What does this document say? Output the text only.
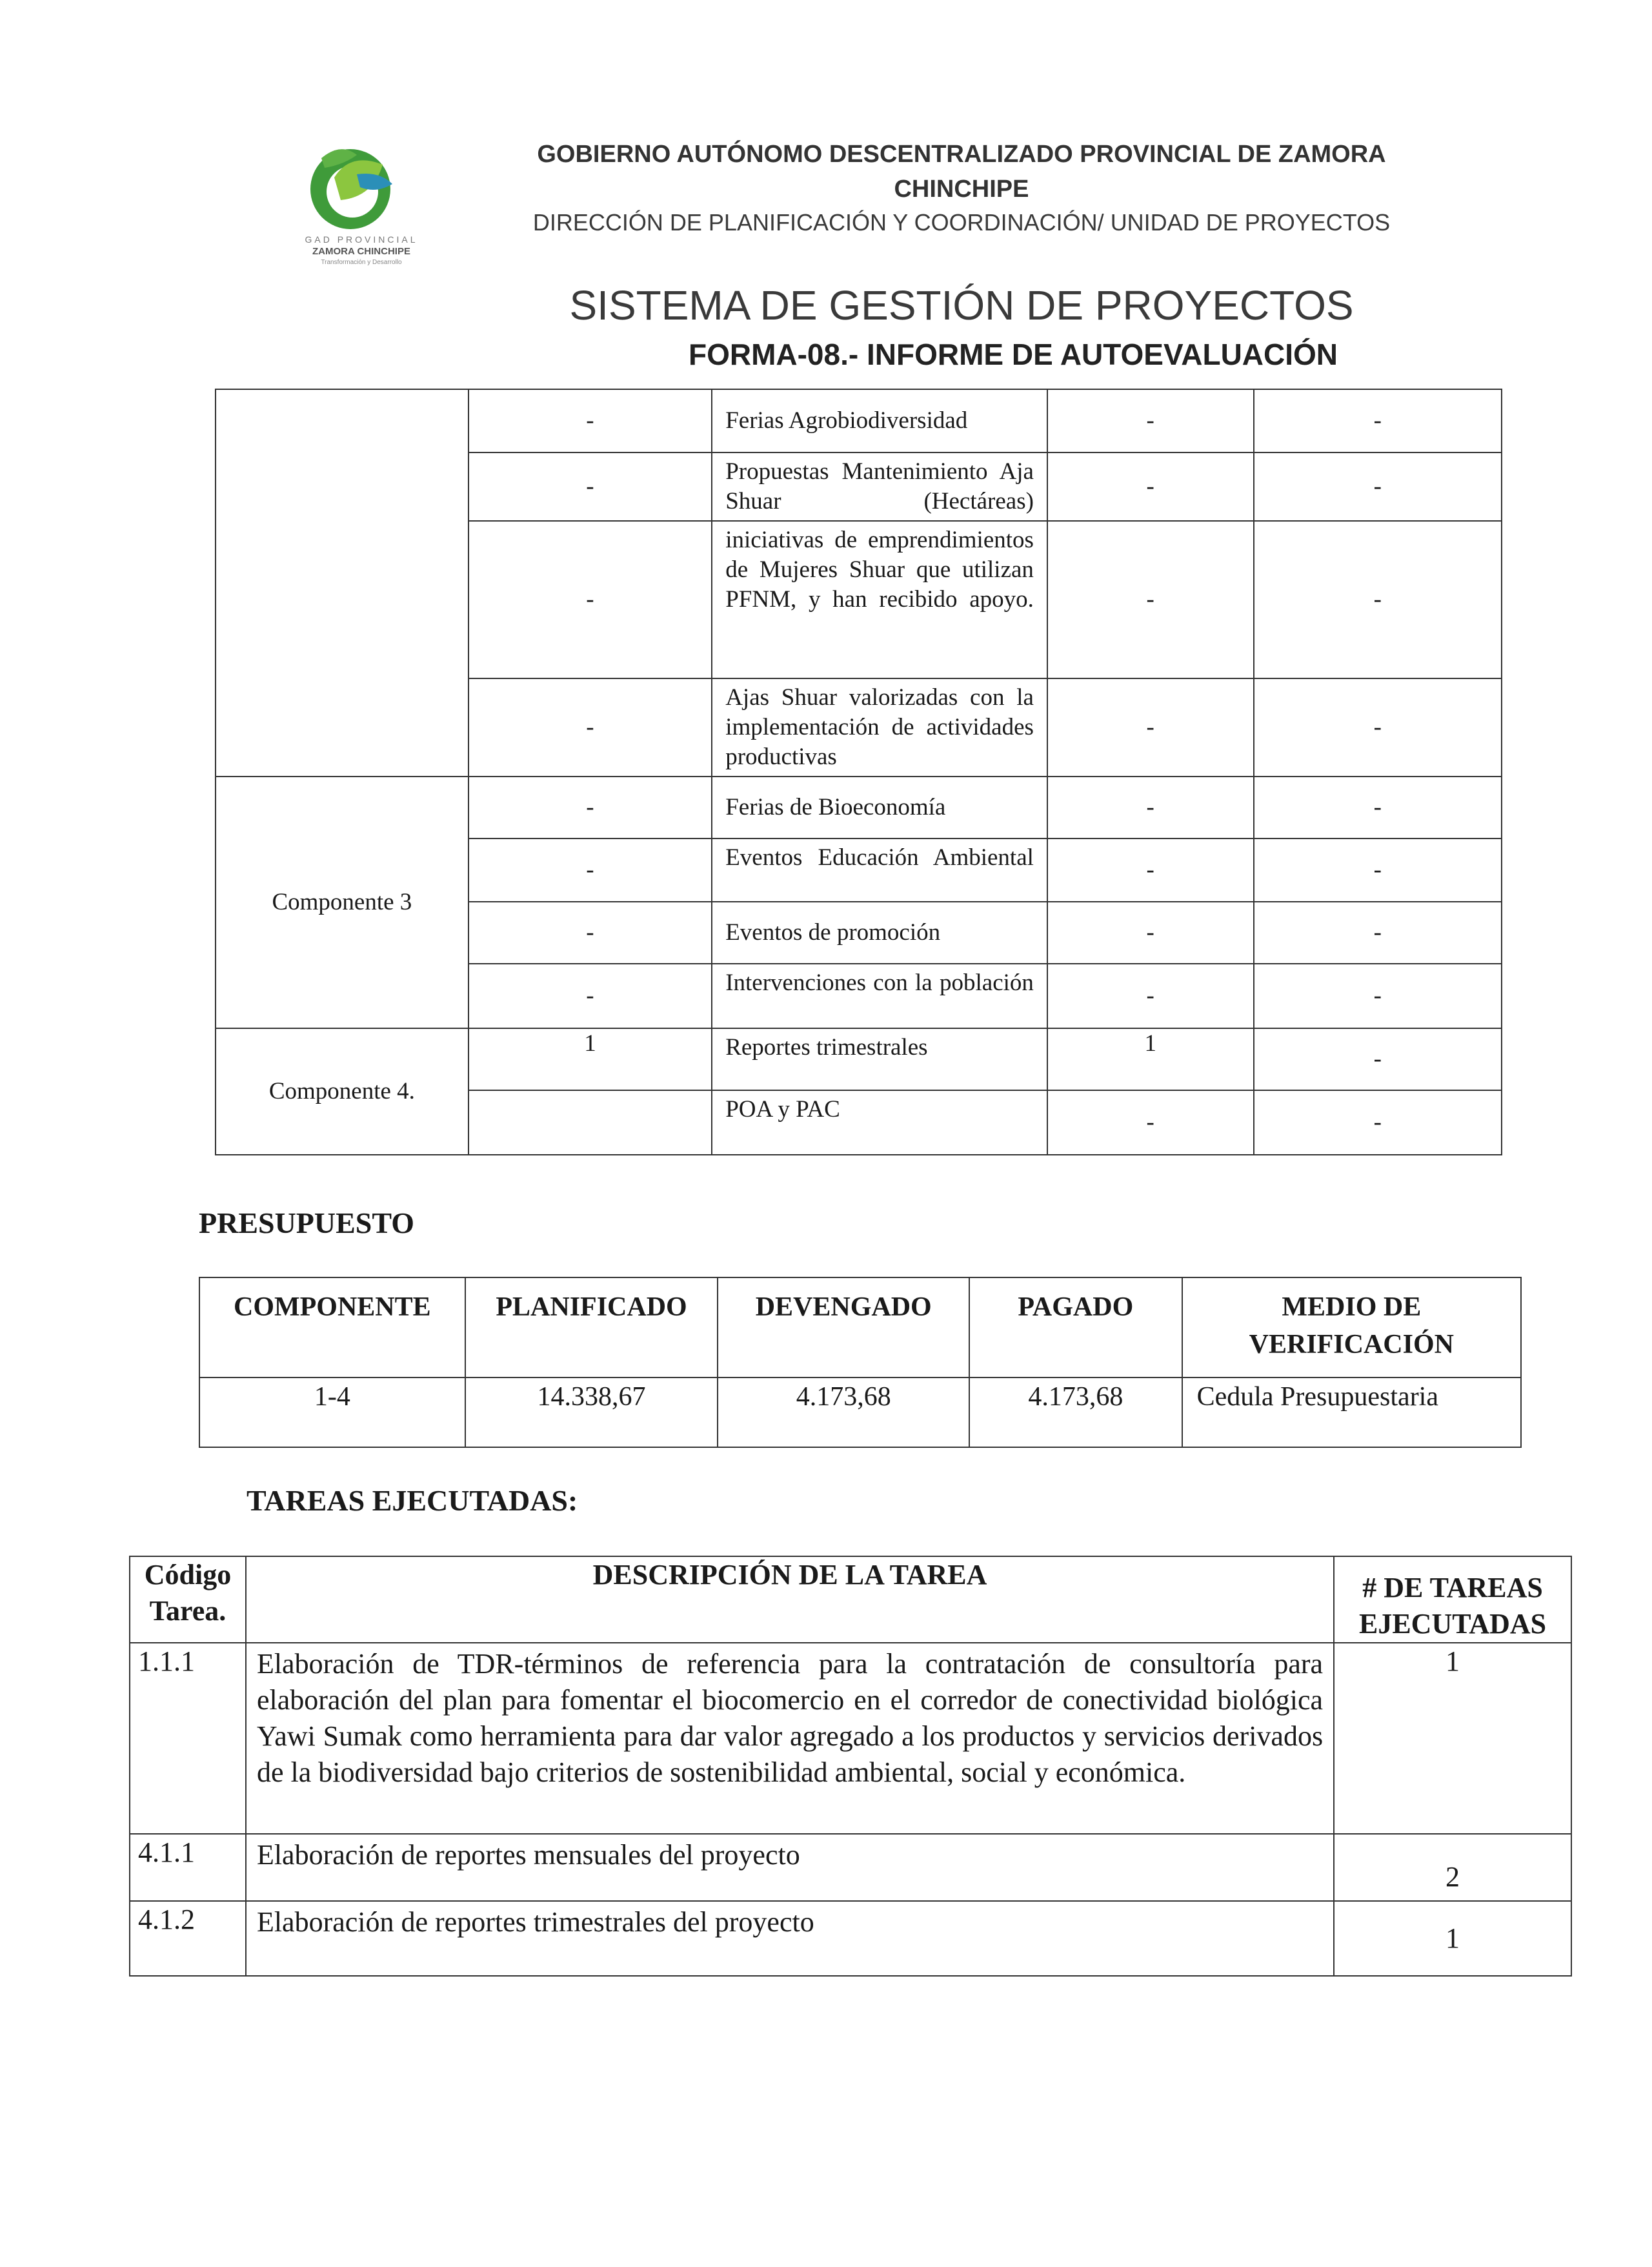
GAD PROVINCIAL
ZAMORA CHINCHIPE
Transformación y Desarrollo
GOBIERNO AUTÓNOMO DESCENTRALIZADO PROVINCIAL DE ZAMORA CHINCHIPE
DIRECCIÓN DE PLANIFICACIÓN Y COORDINACIÓN/ UNIDAD DE PROYECTOS
SISTEMA DE GESTIÓN DE PROYECTOS
FORMA-08.- INFORME DE AUTOEVALUACIÓN
	-	Ferias Agrobiodiversidad	-	-
	-	Propuestas Mantenimiento Aja Shuar (Hectáreas)	-	-
	-	iniciativas de emprendimientos de Mujeres Shuar que utilizan PFNM, y han recibido apoyo.	-	-
	-	Ajas Shuar valorizadas con la implementación de actividades productivas	-	-
Componente 3	-	Ferias de Bioeconomía	-	-
	-	Eventos Educación Ambiental	-	-
	-	Eventos de promoción	-	-
	-	Intervenciones con la población	-	-
Componente 4.	1	Reportes trimestrales	1	-
		POA y PAC	-	-
PRESUPUESTO
COMPONENTE	PLANIFICADO	DEVENGADO	PAGADO	MEDIO DE VERIFICACIÓN
1-4	14.338,67	4.173,68	4.173,68	Cedula Presupuestaria
TAREAS EJECUTADAS:
Código Tarea.	DESCRIPCIÓN DE LA TAREA	# DE TAREAS EJECUTADAS
1.1.1	Elaboración de TDR-términos de referencia para la contratación de consultoría para elaboración del plan para fomentar el biocomercio en el corredor de conectividad biológica Yawi Sumak como herramienta para dar valor agregado a los productos y servicios derivados de la biodiversidad bajo criterios de sostenibilidad ambiental, social y económica.	1
4.1.1	Elaboración de reportes mensuales del proyecto	2
4.1.2	Elaboración de reportes trimestrales del proyecto	1
